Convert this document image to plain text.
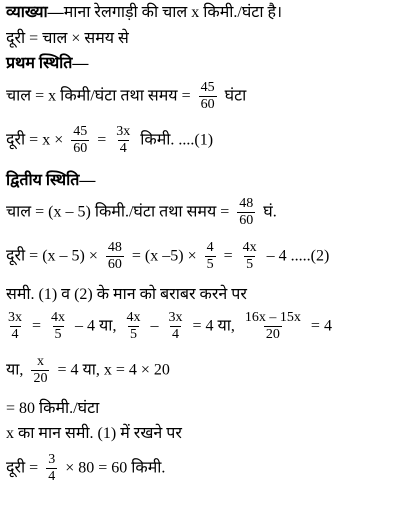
व्याख्या—माना रेलगाड़ी की चाल x किमी./घंटा है।
दूरी = चाल × समय से
प्रथम स्थिति—
चाल = x किमी/घंटा तथा समय = $\frac{45}{60}$ घंटा
दूरी = $x \times \frac{45}{60} = \frac{3x}{4}$ किमी. ....(1)
द्वितीय स्थिति—
चाल = (x – 5) किमी./घंटा तथा समय = $\frac{48}{60}$ घं.
दूरी = $(x - 5) \times \frac{48}{60} = (x$ $-5) \times \frac{4}{5} = \frac{4x}{5} - 4$ .....(2)
समी. (1) व (2) के मान को बराबर करने पर
$\frac{3x}{4} = \frac{4x}{5} - 4$ या, $\frac{4x}{5} - \frac{3x}{4} = 4$ या, $\frac{16x - 15x}{20} = 4$
या, $\frac{x}{20} = 4$ या, x = 4 × 20
= 80 किमी./घंटा
x का मान समी. (1) में रखने पर
दूरी = $\frac{3}{4} \times 80 = 60$ किमी.
